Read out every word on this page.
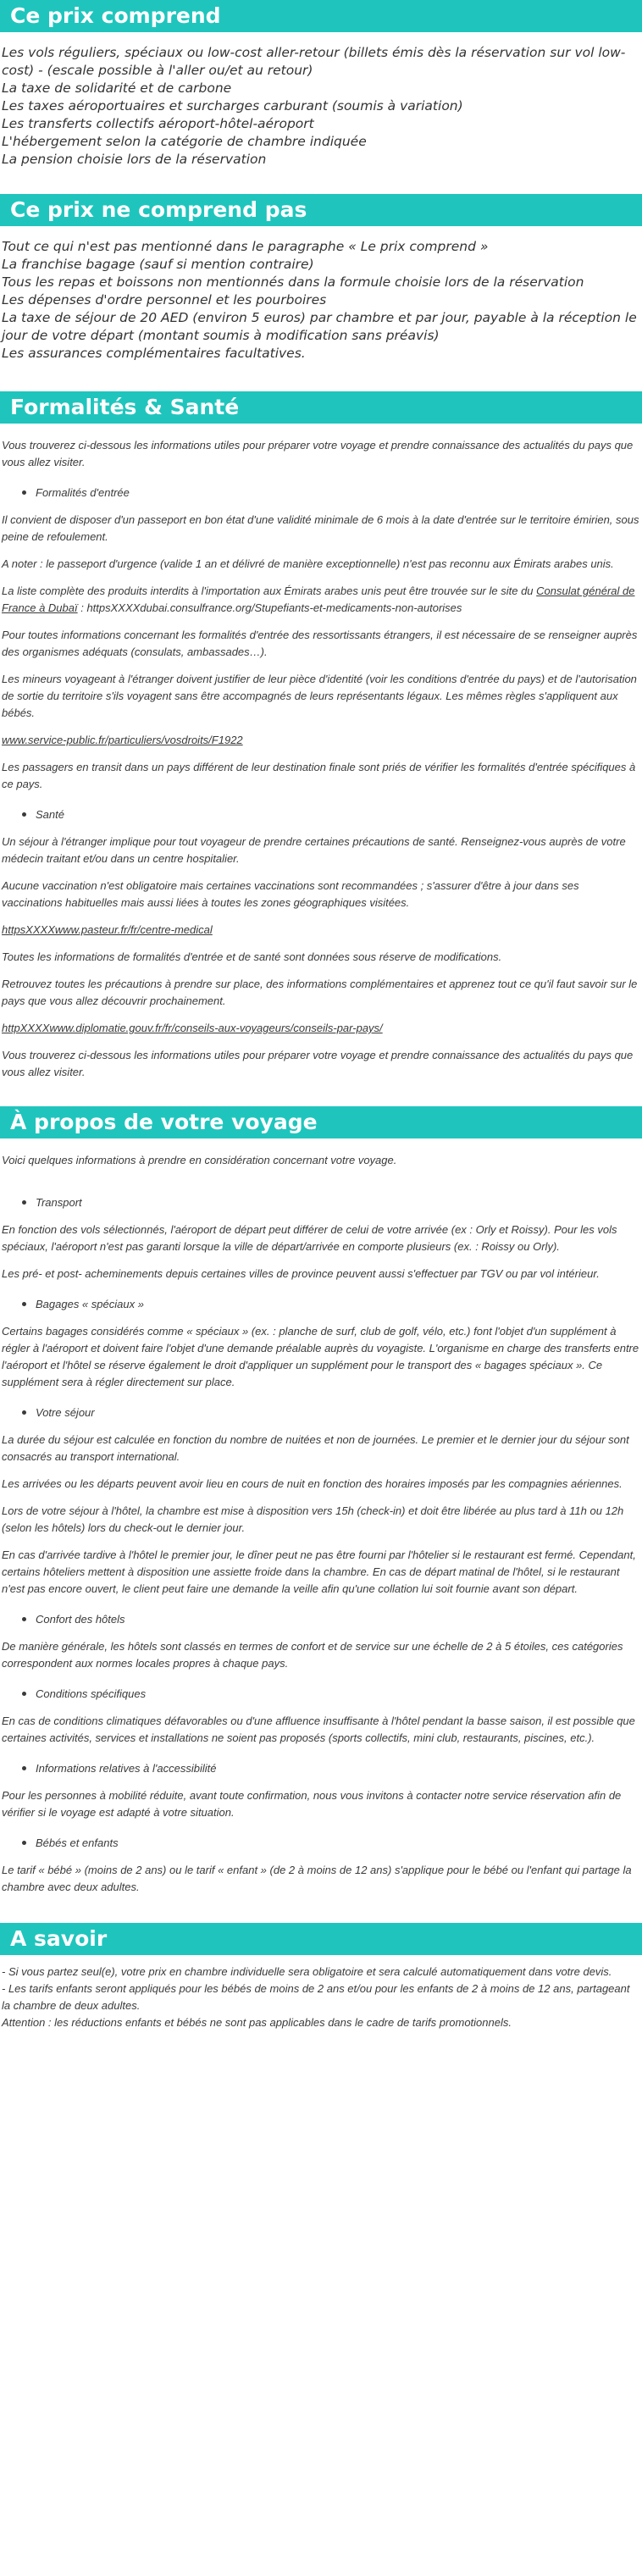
Ce prix comprend

Les vols réguliers, spéciaux ou low-cost aller-retour (billets émis dès la réservation sur vol low-cost) - (escale possible à l'aller ou/et au retour)

La taxe de solidarité et de carbone

Les taxes aéroportuaires et surcharges carburant (soumis à variation)

Les transferts collectifs aéroport-hôtel-aéroport

L'hébergement selon la catégorie de chambre indiquée

La pension choisie lors de la réservation

Ce prix ne comprend pas

Tout ce qui n'est pas mentionné dans le paragraphe « Le prix comprend »

La franchise bagage (sauf si mention contraire)

Tous les repas et boissons non mentionnés dans la formule choisie lors de la réservation

Les dépenses d'ordre personnel et les pourboires

La taxe de séjour de 20 AED (environ 5 euros) par chambre et par jour, payable à la réception le jour de votre départ (montant soumis à modification sans préavis)

Les assurances complémentaires facultatives.

Formalités & Santé

Vous trouverez ci-dessous les informations utiles pour préparer votre voyage et prendre connaissance des actualités du pays que vous allez visiter.

Formalités d'entrée

Il convient de disposer d'un passeport en bon état d'une validité minimale de 6 mois à la date d'entrée sur le territoire émirien, sous peine de refoulement.

A noter : le passeport d'urgence (valide 1 an et délivré de manière exceptionnelle) n'est pas reconnu aux Émirats arabes unis.

La liste complète des produits interdits à l'importation aux Émirats arabes unis peut être trouvée sur le site du Consulat général de France à Dubaï : httpsXXXXdubai.consulfrance.org/Stupefiants-et-medicaments-non-autorises

Pour toutes informations concernant les formalités d'entrée des ressortissants étrangers, il est nécessaire de se renseigner auprès des organismes adéquats (consulats, ambassades…).

Les mineurs voyageant à l'étranger doivent justifier de leur pièce d'identité (voir les conditions d'entrée du pays) et de l'autorisation de sortie du territoire s'ils voyagent sans être accompagnés de leurs représentants légaux. Les mêmes règles s'appliquent aux bébés.

www.service-public.fr/particuliers/vosdroits/F1922

Les passagers en transit dans un pays différent de leur destination finale sont priés de vérifier les formalités d'entrée spécifiques à ce pays.

Santé

Un séjour à l'étranger implique pour tout voyageur de prendre certaines précautions de santé. Renseignez-vous auprès de votre médecin traitant et/ou dans un centre hospitalier.

Aucune vaccination n'est obligatoire mais certaines vaccinations sont recommandées ; s'assurer d'être à jour dans ses vaccinations habituelles mais aussi liées à toutes les zones géographiques visitées.

httpsXXXXwww.pasteur.fr/fr/centre-medical

Toutes les informations de formalités d'entrée et de santé sont données sous réserve de modifications.

Retrouvez toutes les précautions à prendre sur place, des informations complémentaires et apprenez tout ce qu'il faut savoir sur le pays que vous allez découvrir prochainement.

httpXXXXwww.diplomatie.gouv.fr/fr/conseils-aux-voyageurs/conseils-par-pays/

Vous trouverez ci-dessous les informations utiles pour préparer votre voyage et prendre connaissance des actualités du pays que vous allez visiter.

À propos de votre voyage

Voici quelques informations à prendre en considération concernant votre voyage.

Transport

En fonction des vols sélectionnés, l'aéroport de départ peut différer de celui de votre arrivée (ex : Orly et Roissy). Pour les vols spéciaux, l'aéroport n'est pas garanti lorsque la ville de départ/arrivée en comporte plusieurs (ex. : Roissy ou Orly).

Les pré- et post- acheminements depuis certaines villes de province peuvent aussi s'effectuer par TGV ou par vol intérieur.

Bagages « spéciaux »

Certains bagages considérés comme « spéciaux » (ex. : planche de surf, club de golf, vélo, etc.) font l'objet d'un supplément à régler à l'aéroport et doivent faire l'objet d'une demande préalable auprès du voyagiste. L'organisme en charge des transferts entre l'aéroport et l'hôtel se réserve également le droit d'appliquer un supplément pour le transport des « bagages spéciaux ». Ce supplément sera à régler directement sur place.

Votre séjour

La durée du séjour est calculée en fonction du nombre de nuitées et non de journées. Le premier et le dernier jour du séjour sont consacrés au transport international.

Les arrivées ou les départs peuvent avoir lieu en cours de nuit en fonction des horaires imposés par les compagnies aériennes.

Lors de votre séjour à l'hôtel, la chambre est mise à disposition vers 15h (check-in) et doit être libérée au plus tard à 11h ou 12h (selon les hôtels) lors du check-out le dernier jour.

En cas d'arrivée tardive à l'hôtel le premier jour, le dîner peut ne pas être fourni par l'hôtelier si le restaurant est fermé. Cependant, certains hôteliers mettent à disposition une assiette froide dans la chambre. En cas de départ matinal de l'hôtel, si le restaurant n'est pas encore ouvert, le client peut faire une demande la veille afin qu'une collation lui soit fournie avant son départ.

Confort des hôtels

De manière générale, les hôtels sont classés en termes de confort et de service sur une échelle de 2 à 5 étoiles, ces catégories correspondent aux normes locales propres à chaque pays.

Conditions spécifiques

En cas de conditions climatiques défavorables ou d'une affluence insuffisante à l'hôtel pendant la basse saison, il est possible que certaines activités, services et installations ne soient pas proposés (sports collectifs, mini club, restaurants, piscines, etc.).

Informations relatives à l'accessibilité

Pour les personnes à mobilité réduite, avant toute confirmation, nous vous invitons à contacter notre service réservation afin de vérifier si le voyage est adapté à votre situation.

Bébés et enfants

Le tarif « bébé » (moins de 2 ans) ou le tarif « enfant » (de 2 à moins de 12 ans) s'applique pour le bébé ou l'enfant qui partage la chambre avec deux adultes.

A savoir

- Si vous partez seul(e), votre prix en chambre individuelle sera obligatoire et sera calculé automatiquement dans votre devis.

- Les tarifs enfants seront appliqués pour les bébés de moins de 2 ans et/ou pour les enfants de 2 à moins de 12 ans, partageant la chambre de deux adultes.

Attention : les réductions enfants et bébés ne sont pas applicables dans le cadre de tarifs promotionnels.
